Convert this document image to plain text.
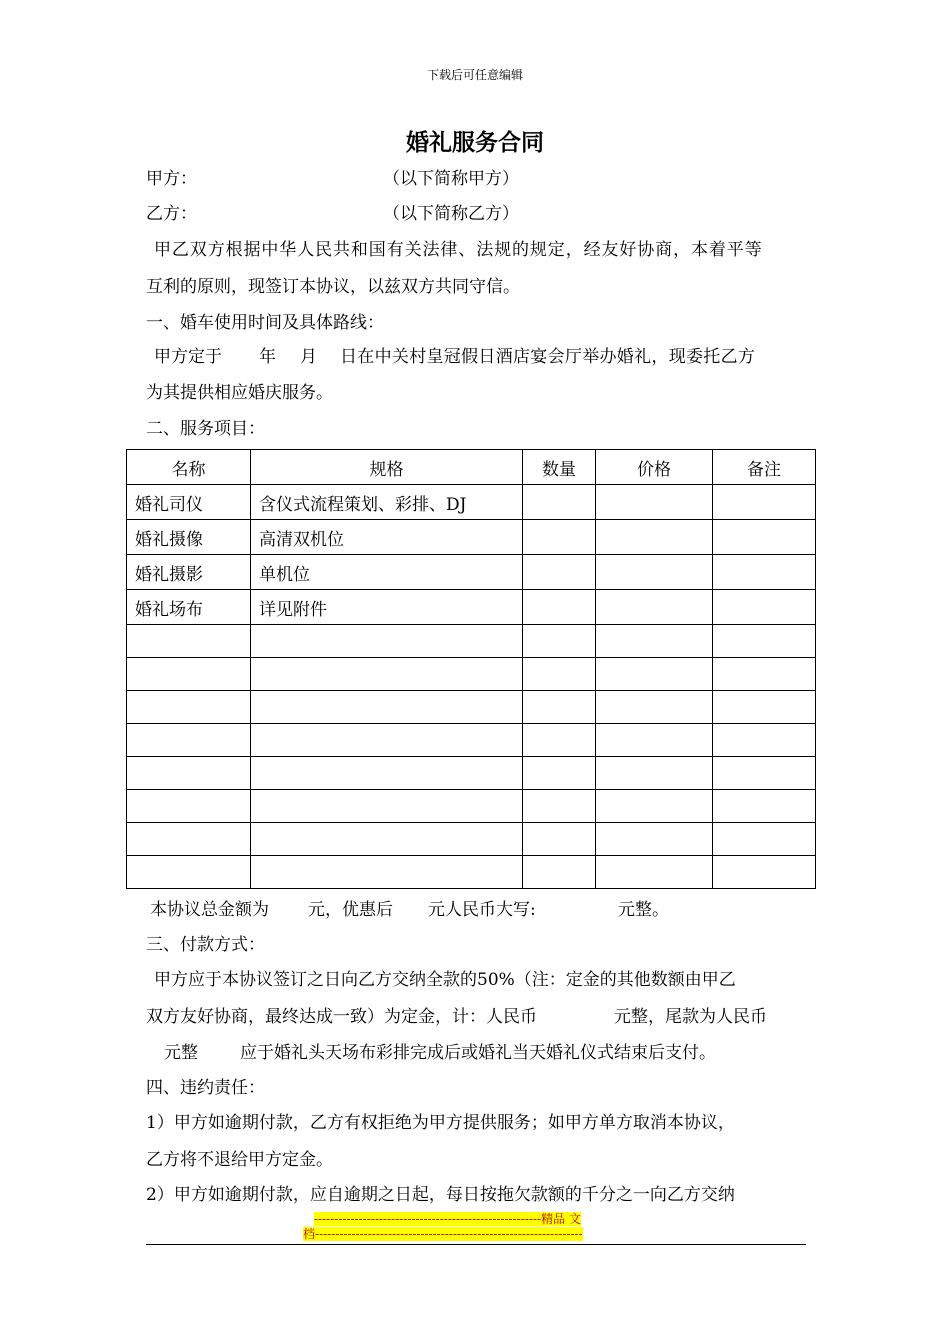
下载后可任意编辑
婚礼服务合同
甲方：	（以下简称甲方）
乙方：	（以下简称乙方）
甲乙双方根据中华人民共和国有关法律、法规的规定，经友好协商，本着平等
互利的原则，现签订本协议，以兹双方共同守信。
一、婚车使用时间及具体路线：
甲方定于 年 月 日在中关村皇冠假日酒店宴会厅举办婚礼，现委托乙方
为其提供相应婚庆服务。
二、服务项目：
名称	规格	数量	价格	备注
婚礼司仪	含仪式流程策划、彩排、DJ			
婚礼摄像	高清双机位			
婚礼摄影	单机位			
婚礼场布	详见附件			

本协议总金额为 元，优惠后 元人民币大写:	元整。
三、付款方式：
甲方应于本协议签订之日向乙方交纳全款的50%（注：定金的其他数额由甲乙
双方友好协商，最终达成一致）为定金，计：人民币	元整，尾款为人民币
元整 应于婚礼头天场布彩排完成后或婚礼当天婚礼仪式结束后支付。
四、违约责任：
1）甲方如逾期付款，乙方有权拒绝为甲方提供服务；如甲方单方取消本协议，
乙方将不退给甲方定金。
2）甲方如逾期付款，应自逾期之日起，每日按拖欠款额的千分之一向乙方交纳
--------------------------------------------------------精品 文
档------------------------------------------------------------------
